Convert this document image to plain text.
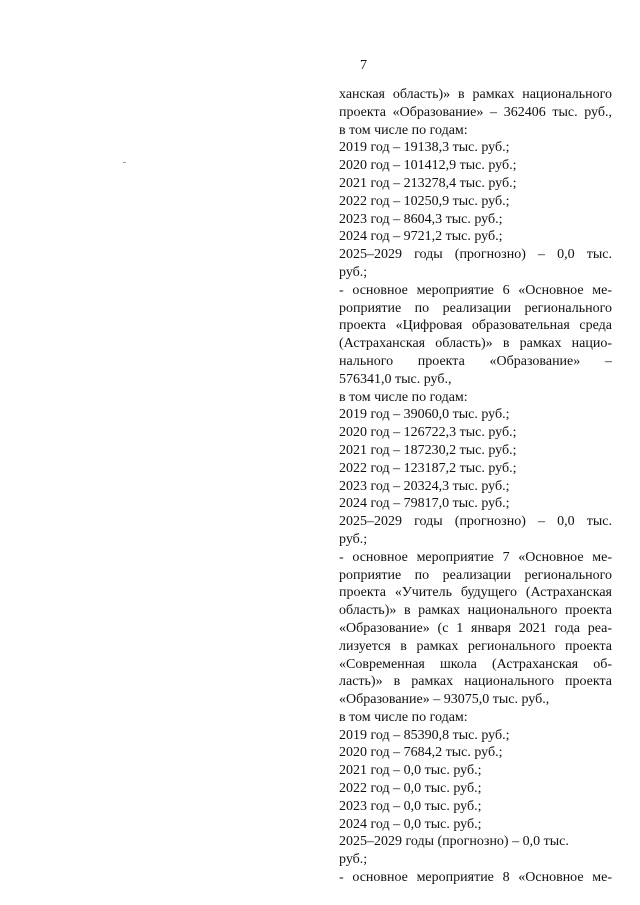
7
ханская область)» в рамках национального
проекта «Образование» – 362406 тыс. руб.,
в том числе по годам:
2019 год – 19138,3 тыс. руб.;
2020 год – 101412,9 тыс. руб.;
2021 год – 213278,4 тыс. руб.;
2022 год – 10250,9 тыс. руб.;
2023 год – 8604,3 тыс. руб.;
2024 год – 9721,2 тыс. руб.;
2025–2029 годы (прогнозно) – 0,0 тыс.
руб.;
- основное мероприятие 6 «Основное ме-
роприятие по реализации регионального
проекта «Цифровая образовательная среда
(Астраханская область)» в рамках нацио-
нального проекта «Образование» –
576341,0 тыс. руб.,
в том числе по годам:
2019 год – 39060,0 тыс. руб.;
2020 год – 126722,3 тыс. руб.;
2021 год – 187230,2 тыс. руб.;
2022 год – 123187,2 тыс. руб.;
2023 год – 20324,3 тыс. руб.;
2024 год – 79817,0 тыс. руб.;
2025–2029 годы (прогнозно) – 0,0 тыс.
руб.;
- основное мероприятие 7 «Основное ме-
роприятие по реализации регионального
проекта «Учитель будущего (Астраханская
область)» в рамках национального проекта
«Образование» (с 1 января 2021 года реа-
лизуется в рамках регионального проекта
«Современная школа (Астраханская об-
ласть)» в рамках национального проекта
«Образование» – 93075,0 тыс. руб.,
в том числе по годам:
2019 год – 85390,8 тыс. руб.;
2020 год – 7684,2 тыс. руб.;
2021 год – 0,0 тыс. руб.;
2022 год – 0,0 тыс. руб.;
2023 год – 0,0 тыс. руб.;
2024 год – 0,0 тыс. руб.;
2025–2029 годы (прогнозно) – 0,0 тыс.
руб.;
- основное мероприятие 8 «Основное ме-
